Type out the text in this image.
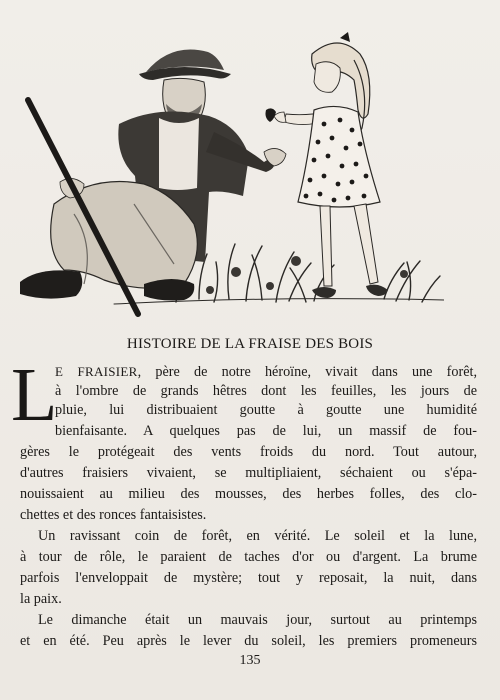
HISTOIRE DE LA FRAISE DES BOIS
L
E FRAISIER, père de notre héroïne, vivait dans une forêt,
à l'ombre de grands hêtres dont les feuilles, les jours de
pluie, lui distribuaient goutte à goutte une humidité
bienfaisante. A quelques pas de lui, un massif de fou-
gères le protégeait des vents froids du nord. Tout autour,
d'autres fraisiers vivaient, se multipliaient, séchaient ou s'épa-
nouissaient au milieu des mousses, des herbes folles, des clo-
chettes et des ronces fantaisistes.
Un ravissant coin de forêt, en vérité. Le soleil et la lune,
à tour de rôle, le paraient de taches d'or ou d'argent. La brume
parfois l'enveloppait de mystère; tout y reposait, la nuit, dans
la paix.
Le dimanche était un mauvais jour, surtout au printemps
et en été. Peu après le lever du soleil, les premiers promeneurs
135
